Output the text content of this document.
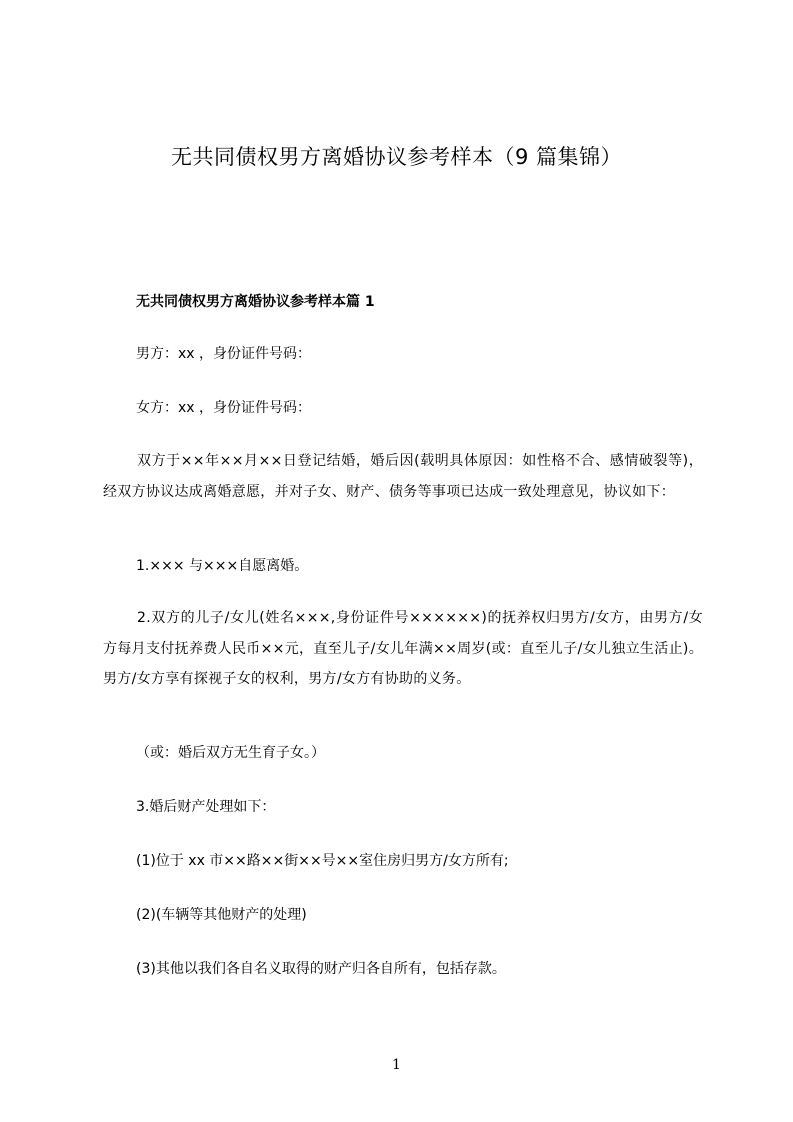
无共同债权男方离婚协议参考样本（9 篇集锦）
无共同债权男方离婚协议参考样本篇 1
男方：xx ，身份证件号码：
女方：xx ，身份证件号码：
双方于××年××月××日登记结婚，婚后因(载明具体原因：如性格不合、感情破裂等)，经双方协议达成离婚意愿，并对子女、财产、债务等事项已达成一致处理意见，协议如下：
1.××× 与×××自愿离婚。
2.双方的儿子/女儿(姓名×××,身份证件号××××××)的抚养权归男方/女方，由男方/女方每月支付抚养费人民币××元，直至儿子/女儿年满××周岁(或：直至儿子/女儿独立生活止)。男方/女方享有探视子女的权利，男方/女方有协助的义务。
（或：婚后双方无生育子女。）
3.婚后财产处理如下：
(1)位于 xx 市××路××街××号××室住房归男方/女方所有;
(2)(车辆等其他财产的处理)
(3)其他以我们各自名义取得的财产归各自所有，包括存款。
1
